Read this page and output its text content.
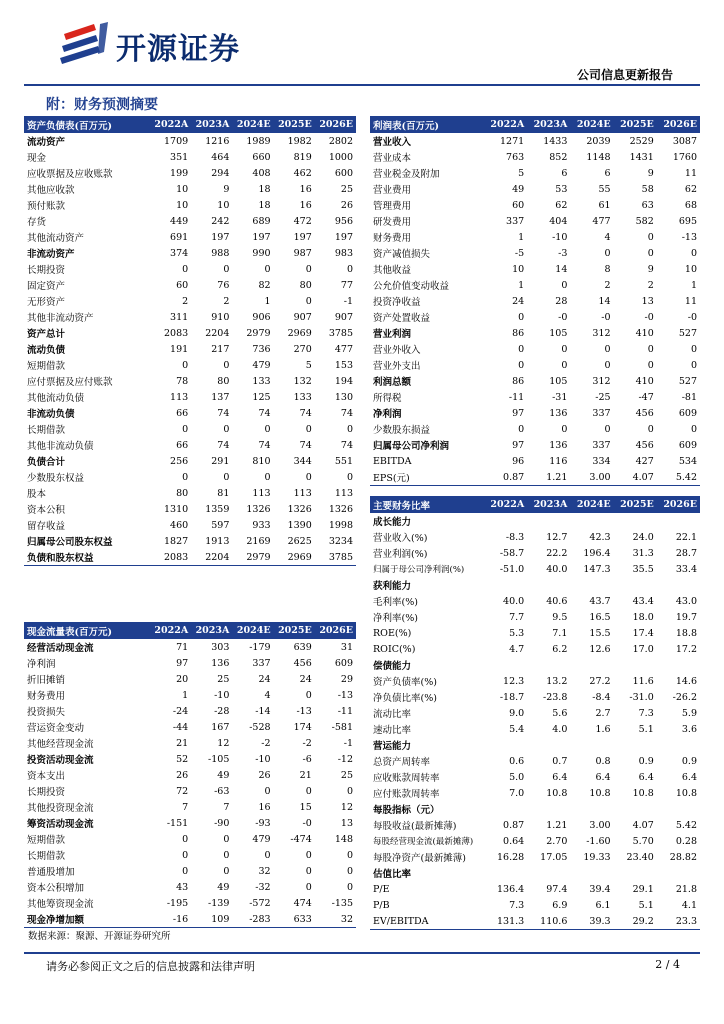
开源证券
公司信息更新报告
附：财务预测摘要
资产负债表(百万元)	2022A	2023A	2024E	2025E	2026E
流动资产	1709	1216	1989	1982	2802
现金	351	464	660	819	1000
应收票据及应收账款	199	294	408	462	600
其他应收款	10	9	18	16	25
预付账款	10	10	18	16	26
存货	449	242	689	472	956
其他流动资产	691	197	197	197	197
非流动资产	374	988	990	987	983
长期投资	0	0	0	0	0
固定资产	60	76	82	80	77
无形资产	2	2	1	0	-1
其他非流动资产	311	910	906	907	907
资产总计	2083	2204	2979	2969	3785
流动负债	191	217	736	270	477
短期借款	0	0	479	5	153
应付票据及应付账款	78	80	133	132	194
其他流动负债	113	137	125	133	130
非流动负债	66	74	74	74	74
长期借款	0	0	0	0	0
其他非流动负债	66	74	74	74	74
负债合计	256	291	810	344	551
少数股东权益	0	0	0	0	0
股本	80	81	113	113	113
资本公积	1310	1359	1326	1326	1326
留存收益	460	597	933	1390	1998
归属母公司股东权益	1827	1913	2169	2625	3234
负债和股东权益	2083	2204	2979	2969	3785
利润表(百万元)	2022A	2023A	2024E	2025E	2026E
营业收入	1271	1433	2039	2529	3087
营业成本	763	852	1148	1431	1760
营业税金及附加	5	6	6	9	11
营业费用	49	53	55	58	62
管理费用	60	62	61	63	68
研发费用	337	404	477	582	695
财务费用	1	-10	4	0	-13
资产减值损失	-5	-3	0	0	0
其他收益	10	14	8	9	10
公允价值变动收益	1	0	2	2	1
投资净收益	24	28	14	13	11
资产处置收益	0	-0	-0	-0	-0
营业利润	86	105	312	410	527
营业外收入	0	0	0	0	0
营业外支出	0	0	0	0	0
利润总额	86	105	312	410	527
所得税	-11	-31	-25	-47	-81
净利润	97	136	337	456	609
少数股东损益	0	0	0	0	0
归属母公司净利润	97	136	337	456	609
EBITDA	96	116	334	427	534
EPS(元)	0.87	1.21	3.00	4.07	5.42
主要财务比率	2022A	2023A	2024E	2025E	2026E
成长能力					
营业收入(%)	-8.3	12.7	42.3	24.0	22.1
营业利润(%)	-58.7	22.2	196.4	31.3	28.7
归属于母公司净利润(%)	-51.0	40.0	147.3	35.5	33.4
获利能力					
毛利率(%)	40.0	40.6	43.7	43.4	43.0
净利率(%)	7.7	9.5	16.5	18.0	19.7
ROE(%)	5.3	7.1	15.5	17.4	18.8
ROIC(%)	4.7	6.2	12.6	17.0	17.2
偿债能力					
资产负债率(%)	12.3	13.2	27.2	11.6	14.6
净负债比率(%)	-18.7	-23.8	-8.4	-31.0	-26.2
流动比率	9.0	5.6	2.7	7.3	5.9
速动比率	5.4	4.0	1.6	5.1	3.6
营运能力					
总资产周转率	0.6	0.7	0.8	0.9	0.9
应收账款周转率	5.0	6.4	6.4	6.4	6.4
应付账款周转率	7.0	10.8	10.8	10.8	10.8
每股指标（元）					
每股收益(最新摊薄)	0.87	1.21	3.00	4.07	5.42
每股经营现金流(最新摊薄)	0.64	2.70	-1.60	5.70	0.28
每股净资产(最新摊薄)	16.28	17.05	19.33	23.40	28.82
估值比率					
P/E	136.4	97.4	39.4	29.1	21.8
P/B	7.3	6.9	6.1	5.1	4.1
EV/EBITDA	131.3	110.6	39.3	29.2	23.3
现金流量表(百万元)	2022A	2023A	2024E	2025E	2026E
经营活动现金流	71	303	-179	639	31
净利润	97	136	337	456	609
折旧摊销	20	25	24	24	29
财务费用	1	-10	4	0	-13
投资损失	-24	-28	-14	-13	-11
营运资金变动	-44	167	-528	174	-581
其他经营现金流	21	12	-2	-2	-1
投资活动现金流	52	-105	-10	-6	-12
资本支出	26	49	26	21	25
长期投资	72	-63	0	0	0
其他投资现金流	7	7	16	15	12
筹资活动现金流	-151	-90	-93	-0	13
短期借款	0	0	479	-474	148
长期借款	0	0	0	0	0
普通股增加	0	0	32	0	0
资本公积增加	43	49	-32	0	0
其他筹资现金流	-195	-139	-572	474	-135
现金净增加额	-16	109	-283	633	32
数据来源：聚源、开源证券研究所
请务必参阅正文之后的信息披露和法律声明	2 / 4
